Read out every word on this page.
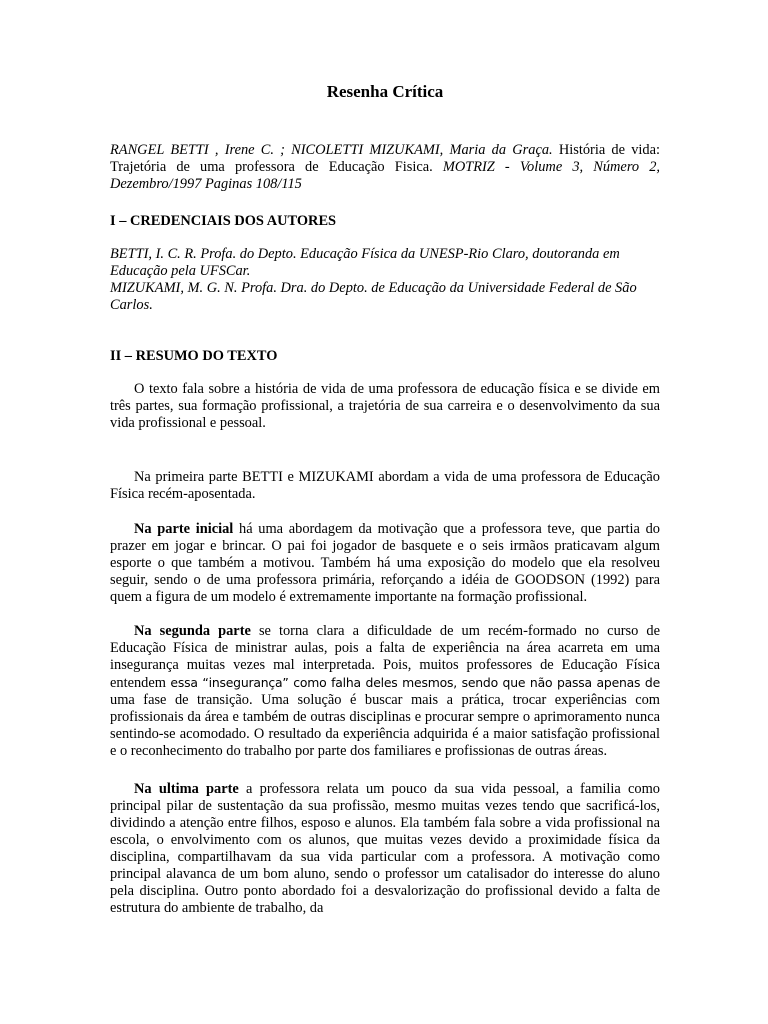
Resenha Crítica

RANGEL BETTI , Irene C. ; NICOLETTI MIZUKAMI, Maria da Graça. História de vida: Trajetória de uma professora de Educação Fisica. MOTRIZ - Volume 3, Número 2, Dezembro/1997 Paginas 108/115

I – CREDENCIAIS DOS AUTORES

BETTI, I. C. R. Profa. do Depto. Educação Física da UNESP-Rio Claro, doutoranda em Educação pela UFSCar.

MIZUKAMI, M. G. N. Profa. Dra. do Depto. de Educação da Universidade Federal de São Carlos.

II – RESUMO DO TEXTO

O texto fala sobre a história de vida de uma professora de educação física e se divide em três partes, sua formação profissional, a trajetória de sua carreira e o desenvolvimento da sua vida profissional e pessoal.

Na primeira parte BETTI e MIZUKAMI abordam a vida de uma professora de Educação Física recém-aposentada.

Na parte inicial há uma abordagem da motivação que a professora teve, que partia do prazer em jogar e brincar. O pai foi jogador de basquete e o seis irmãos praticavam algum esporte o que também a motivou. Também há uma exposição do modelo que ela resolveu seguir, sendo o de uma professora primária, reforçando a idéia de GOODSON (1992) para quem a figura de um modelo é extremamente importante na formação profissional.

Na segunda parte se torna clara a dificuldade de um recém-formado no curso de Educação Física de ministrar aulas, pois a falta de experiência na área acarreta em uma insegurança muitas vezes mal interpretada. Pois, muitos professores de Educação Física entendem essa “insegurança” como falha deles mesmos, sendo que não passa apenas de uma fase de transição. Uma solução é buscar mais a prática, trocar experiências com profissionais da área e também de outras disciplinas e procurar sempre o aprimoramento nunca sentindo-se acomodado. O resultado da experiência adquirida é a maior satisfação profissional e o reconhecimento do trabalho por parte dos familiares e profissionas de outras áreas.

Na ultima parte a professora relata um pouco da sua vida pessoal, a familia como principal pilar de sustentação da sua profissão, mesmo muitas vezes tendo que sacrificá-los, dividindo a atenção entre filhos, esposo e alunos. Ela também fala sobre a vida profissional na escola, o envolvimento com os alunos, que muitas vezes devido a proximidade física da disciplina, compartilhavam da sua vida particular com a professora. A motivação como principal alavanca de um bom aluno, sendo o professor um catalisador do interesse do aluno pela disciplina. Outro ponto abordado foi a desvalorização do profissional devido a falta de estrutura do ambiente de trabalho, da
